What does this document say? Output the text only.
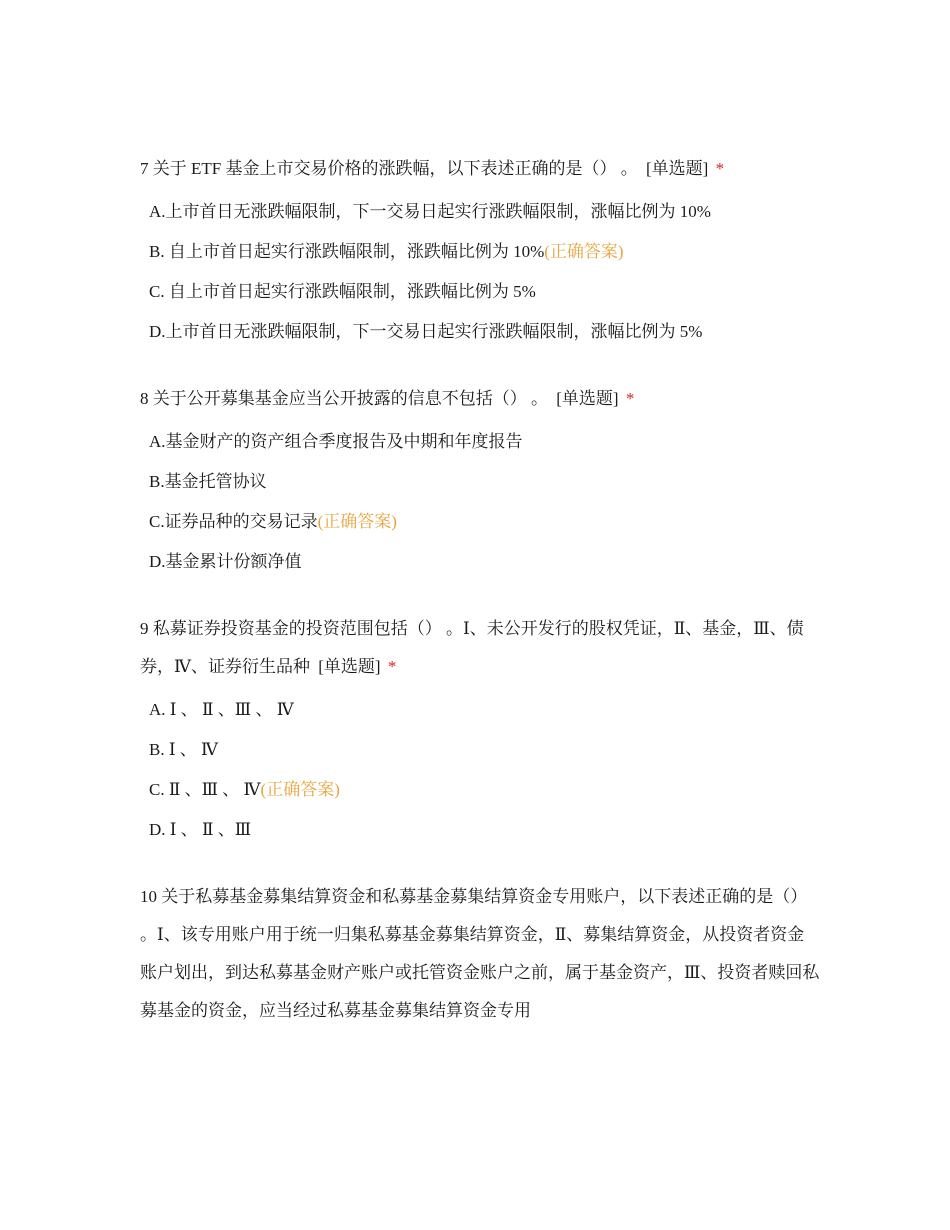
7 关于 ETF 基金上市交易价格的涨跌幅，以下表述正确的是（） 。 [单选题] *
A.上市首日无涨跌幅限制，下一交易日起实行涨跌幅限制，涨幅比例为 10%
B. 自上市首日起实行涨跌幅限制，涨跌幅比例为 10%(正确答案)
C. 自上市首日起实行涨跌幅限制，涨跌幅比例为 5%
D.上市首日无涨跌幅限制，下一交易日起实行涨跌幅限制，涨幅比例为 5%
8 关于公开募集基金应当公开披露的信息不包括（） 。 [单选题] *
A.基金财产的资产组合季度报告及中期和年度报告
B.基金托管协议
C.证券品种的交易记录(正确答案)
D.基金累计份额净值
9 私募证券投资基金的投资范围包括（） 。Ⅰ、未公开发行的股权凭证，Ⅱ、基金，Ⅲ、债券，Ⅳ、证券衍生品种 [单选题] *
A. Ⅰ 、 Ⅱ 、Ⅲ 、 Ⅳ
B. Ⅰ 、 Ⅳ
C. Ⅱ 、Ⅲ 、 Ⅳ(正确答案)
D. Ⅰ 、 Ⅱ 、Ⅲ
10 关于私募基金募集结算资金和私募基金募集结算资金专用账户，以下表述正确的是（） 。Ⅰ、该专用账户用于统一归集私募基金募集结算资金，Ⅱ、募集结算资金，从投资者资金账户划出，到达私募基金财产账户或托管资金账户之前，属于基金资产，Ⅲ、投资者赎回私募基金的资金，应当经过私募基金募集结算资金专用
